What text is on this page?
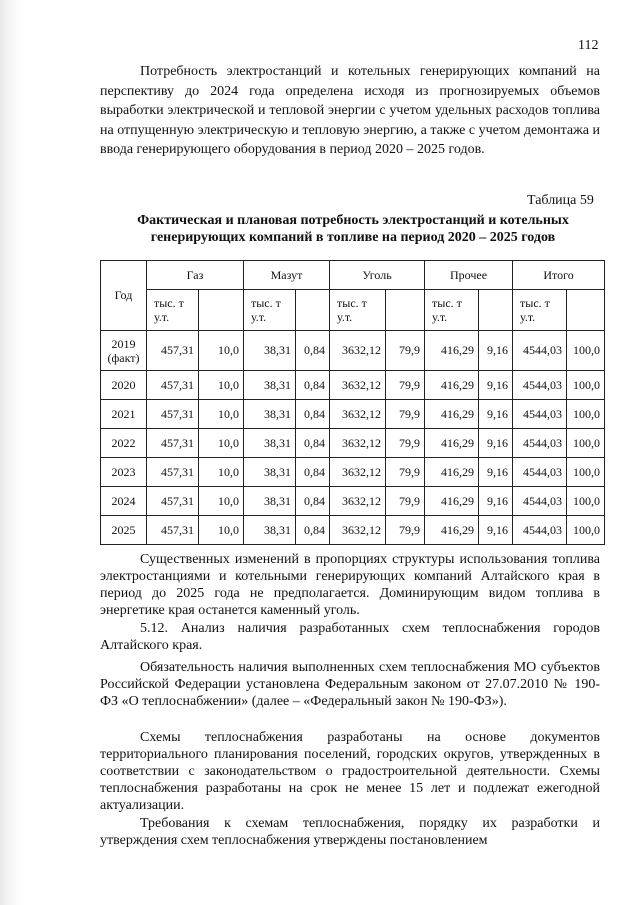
112

Потребность электростанций и котельных генерирующих компаний на перспективу до 2024 года определена исходя из прогнозируемых объемов выработки электрической и тепловой энергии с учетом удельных расходов топлива на отпущенную электрическую и тепловую энергию, а также с учетом демонтажа и ввода генерирующего оборудования в период 2020 – 2025 годов.

Таблица 59

Фактическая и плановая потребность электростанций и котельных генерирующих компаний в топливе на период 2020 – 2025 годов

Год	Газ		Мазут		Уголь		Прочее		Итого	
	тыс. т у.т.		тыс. т у.т.		тыс. т у.т.		тыс. т у.т.		тыс. т у.т.	
2019 (факт)	457,31	10,0	38,31	0,84	3632,12	79,9	416,29	9,16	4544,03	100,0
2020	457,31	10,0	38,31	0,84	3632,12	79,9	416,29	9,16	4544,03	100,0
2021	457,31	10,0	38,31	0,84	3632,12	79,9	416,29	9,16	4544,03	100,0
2022	457,31	10,0	38,31	0,84	3632,12	79,9	416,29	9,16	4544,03	100,0
2023	457,31	10,0	38,31	0,84	3632,12	79,9	416,29	9,16	4544,03	100,0
2024	457,31	10,0	38,31	0,84	3632,12	79,9	416,29	9,16	4544,03	100,0
2025	457,31	10,0	38,31	0,84	3632,12	79,9	416,29	9,16	4544,03	100,0

Существенных изменений в пропорциях структуры использования топлива электростанциями и котельными генерирующих компаний Алтайского края в период до 2025 года не предполагается. Доминирующим видом топлива в энергетике края останется каменный уголь.

5.12. Анализ наличия разработанных схем теплоснабжения городов Алтайского края.

Обязательность наличия выполненных схем теплоснабжения МО субъектов Российской Федерации установлена Федеральным законом от 27.07.2010 № 190-ФЗ «О теплоснабжении» (далее – «Федеральный закон № 190-ФЗ»).

Схемы теплоснабжения разработаны на основе документов территориального планирования поселений, городских округов, утвержденных в соответствии с законодательством о градостроительной деятельности. Схемы теплоснабжения разработаны на срок не менее 15 лет и подлежат ежегодной актуализации.

Требования к схемам теплоснабжения, порядку их разработки и утверждения схем теплоснабжения утверждены постановлением
